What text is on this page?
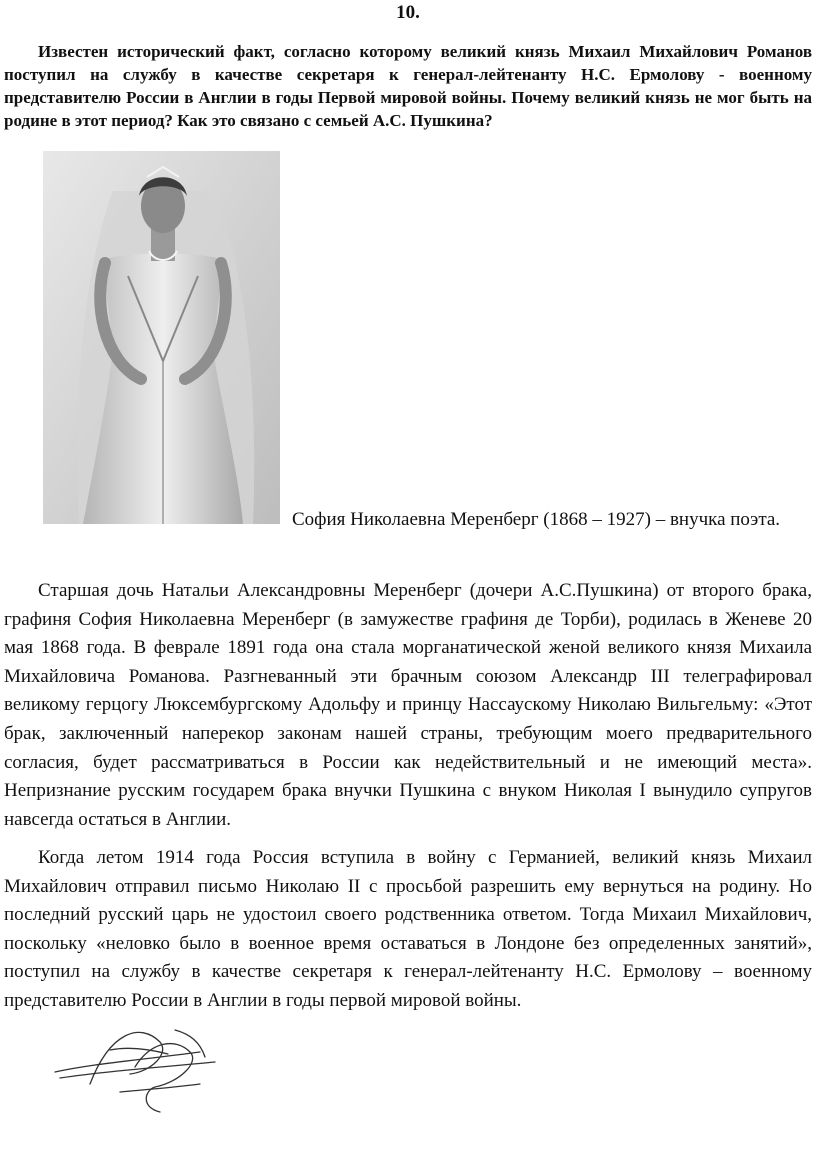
10.

Известен исторический факт, согласно которому великий князь Михаил Михайлович Романов поступил на службу в качестве секретаря к генерал-лейтенанту Н.С. Ермолову - военному представителю России в Англии в годы Первой мировой войны. Почему великий князь не мог быть на родине в этот период? Как это связано с семьей А.С. Пушкина?

София Николаевна Меренберг (1868 – 1927) – внучка поэта.

Старшая дочь Натальи Александровны Меренберг (дочери А.С.Пушкина) от второго брака, графиня София Николаевна Меренберг (в замужестве графиня де Торби), родилась в Женеве 20 мая 1868 года. В феврале 1891 года она стала морганатической женой великого князя Михаила Михайловича Романова. Разгневанный эти брачным союзом Александр III телеграфировал великому герцогу Люксембургскому Адольфу и принцу Нассаускому Николаю Вильгельму: «Этот брак, заключенный наперекор законам нашей страны, требующим моего предварительного согласия, будет рассматриваться в России как недействительный и не имеющий места». Непризнание русским государем брака внучки Пушкина с внуком Николая I вынудило супругов навсегда остаться в Англии.

Когда летом 1914 года Россия вступила в войну с Германией, великий князь Михаил Михайлович отправил письмо Николаю II с просьбой разрешить ему вернуться на родину. Но последний русский царь не удостоил своего родственника ответом. Тогда Михаил Михайлович, поскольку «неловко было в военное время оставаться в Лондоне без определенных занятий», поступил на службу в качестве секретаря к генерал-лейтенанту Н.С. Ермолову – военному представителю России в Англии в годы первой мировой войны.
